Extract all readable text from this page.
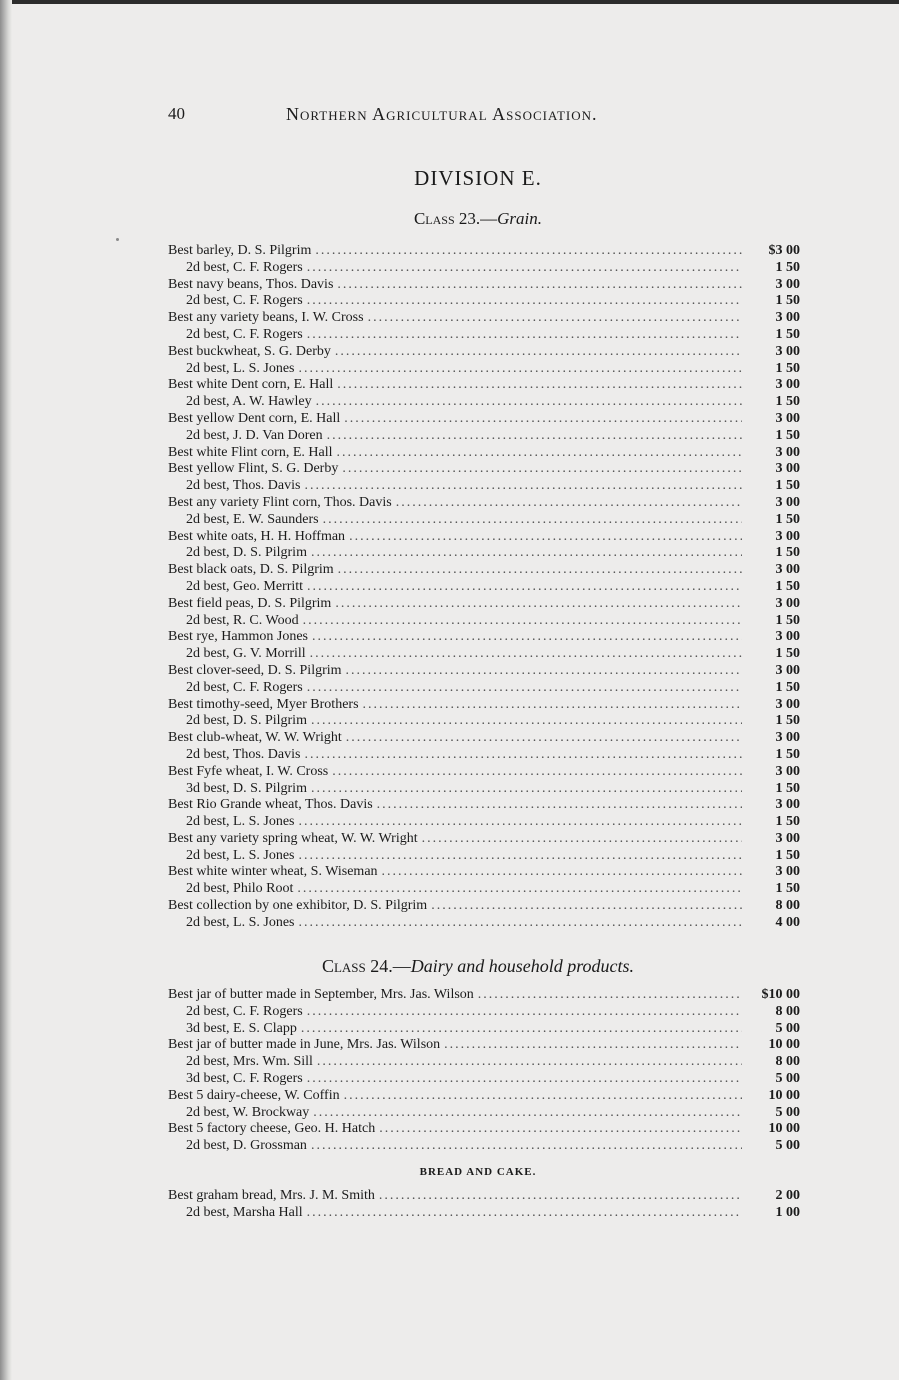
40	Northern Agricultural Association.
DIVISION E.
Class 23.—Grain.
Best barley, D. S. Pilgrim .....	$3 00
2d best, C. F. Rogers .....	1 50
Best navy beans, Thos. Davis .....	3 00
2d best, C. F. Rogers .....	1 50
Best any variety beans, I. W. Cross .....	3 00
2d best, C. F. Rogers .....	1 50
Best buckwheat, S. G. Derby .....	3 00
2d best, L. S. Jones .....	1 50
Best white Dent corn, E. Hall .....	3 00
2d best, A. W. Hawley .....	1 50
Best yellow Dent corn, E. Hall .....	3 00
2d best, J. D. Van Doren .....	1 50
Best white Flint corn, E. Hall .....	3 00
Best yellow Flint, S. G. Derby .....	3 00
2d best, Thos. Davis .....	1 50
Best any variety Flint corn, Thos. Davis .....	3 00
2d best, E. W. Saunders .....	1 50
Best white oats, H. H. Hoffman .....	3 00
2d best, D. S. Pilgrim .....	1 50
Best black oats, D. S. Pilgrim .....	3 00
2d best, Geo. Merritt .....	1 50
Best field peas, D. S. Pilgrim .....	3 00
2d best, R. C. Wood .....	1 50
Best rye, Hammon Jones .....	3 00
2d best, G. V. Morrill .....	1 50
Best clover-seed, D. S. Pilgrim .....	3 00
2d best, C. F. Rogers .....	1 50
Best timothy-seed, Myer Brothers .....	3 00
2d best, D. S. Pilgrim .....	1 50
Best club-wheat, W. W. Wright .....	3 00
2d best, Thos. Davis .....	1 50
Best Fyfe wheat, I. W. Cross .....	3 00
3d best, D. S. Pilgrim .....	1 50
Best Rio Grande wheat, Thos. Davis .....	3 00
2d best, L. S. Jones .....	1 50
Best any variety spring wheat, W. W. Wright .....	3 00
2d best, L. S. Jones .....	1 50
Best white winter wheat, S. Wiseman .....	3 00
2d best, Philo Root .....	1 50
Best collection by one exhibitor, D. S. Pilgrim .....	8 00
2d best, L. S. Jones .....	4 00
Class 24.—Dairy and household products.
Best jar of butter made in September, Mrs. Jas. Wilson .....	$10 00
2d best, C. F. Rogers .....	8 00
3d best, E. S. Clapp .....	5 00
Best jar of butter made in June, Mrs. Jas. Wilson .....	10 00
2d best, Mrs. Wm. Sill .....	8 00
3d best, C. F. Rogers .....	5 00
Best 5 dairy-cheese, W. Coffin .....	10 00
2d best, W. Brockway .....	5 00
Best 5 factory cheese, Geo. H. Hatch .....	10 00
2d best, D. Grossman .....	5 00
BREAD AND CAKE.
Best graham bread, Mrs. J. M. Smith .....	2 00
2d best, Marsha Hall .....	1 00
